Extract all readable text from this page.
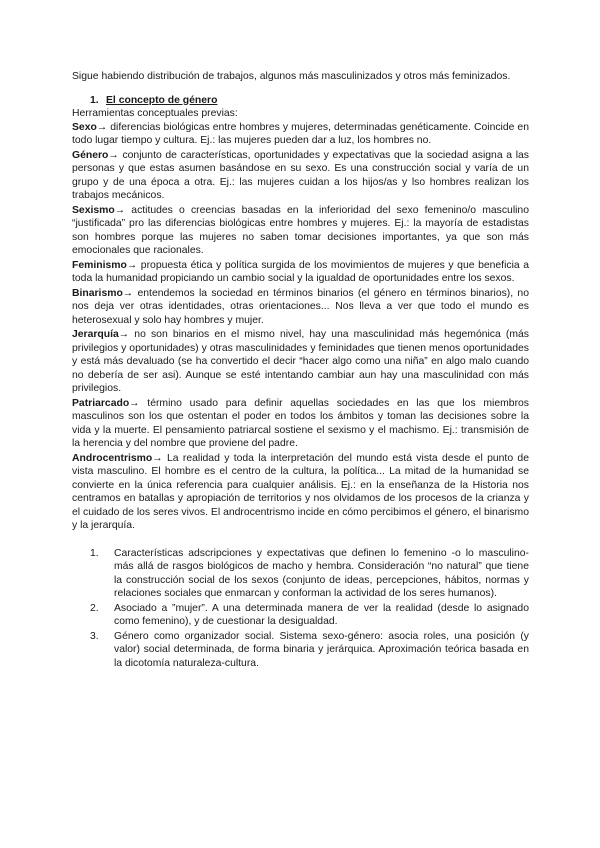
Sigue habiendo distribución de trabajos, algunos más masculinizados y otros más feminizados.

1. El concepto de género

Herramientas conceptuales previas:

Sexo→ diferencias biológicas entre hombres y mujeres, determinadas genéticamente. Coincide en todo lugar tiempo y cultura. Ej.: las mujeres pueden dar a luz, los hombres no.

Género→ conjunto de características, oportunidades y expectativas que la sociedad asigna a las personas y que estas asumen basándose en su sexo. Es una construcción social y varía de un grupo y de una época a otra. Ej.: las mujeres cuidan a los hijos/as y lso hombres realizan los trabajos mecánicos.

Sexismo→ actitudes o creencias basadas en la inferioridad del sexo femenino/o masculino “justificada” pro las diferencias biológicas entre hombres y mujeres. Ej.: la mayoría de estadistas son hombres porque las mujeres no saben tomar decisiones importantes, ya que son más emocionales que racionales.

Feminismo→ propuesta ética y política surgida de los movimientos de mujeres y que beneficia a toda la humanidad propiciando un cambio social y la igualdad de oportunidades entre los sexos.

Binarismo→ entendemos la sociedad en términos binarios (el género en términos binarios), no nos deja ver otras identidades, otras orientaciones... Nos lleva a ver que todo el mundo es heterosexual y solo hay hombres y mujer.

Jerarquía→ no son binarios en el mismo nivel, hay una masculinidad más hegemónica (más privilegios y oportunidades) y otras masculinidades y feminidades que tienen menos oportunidades y está más devaluado (se ha convertido el decir “hacer algo como una niña” en algo malo cuando no debería de ser asi). Aunque se esté intentando cambiar aun hay una masculinidad con más privilegios.

Patriarcado→ término usado para definir aquellas sociedades en las que los miembros masculinos son los que ostentan el poder en todos los ámbitos y toman las decisiones sobre la vida y la muerte. El pensamiento patriarcal sostiene el sexismo y el machismo. Ej.: transmisión de la herencia y del nombre que proviene del padre.

Androcentrismo→ La realidad y toda la interpretación del mundo está vista desde el punto de vista masculino. El hombre es el centro de la cultura, la política... La mitad de la humanidad se convierte en la única referencia para cualquier análisis. Ej.: en la enseñanza de la Historia nos centramos en batallas y apropiación de territorios y nos olvidamos de los procesos de la crianza y el cuidado de los seres vivos. El androcentrismo incide en cómo percibimos el género, el binarismo y la jerarquía.

1.	Características adscripciones y expectativas que definen lo femenino -o lo masculino- más allá de rasgos biológicos de macho y hembra. Consideración “no natural” que tiene la construcción social de los sexos (conjunto de ideas, percepciones, hábitos, normas y relaciones sociales que enmarcan y conforman la actividad de los seres humanos).
2.	Asociado a ”mujer”. A una determinada manera de ver la realidad (desde lo asignado como femenino), y de cuestionar la desigualdad.
3.	Género como organizador social. Sistema sexo-género: asocia roles, una posición (y valor) social determinada, de forma binaria y jerárquica. Aproximación teórica basada en la dicotomía naturaleza-cultura.
